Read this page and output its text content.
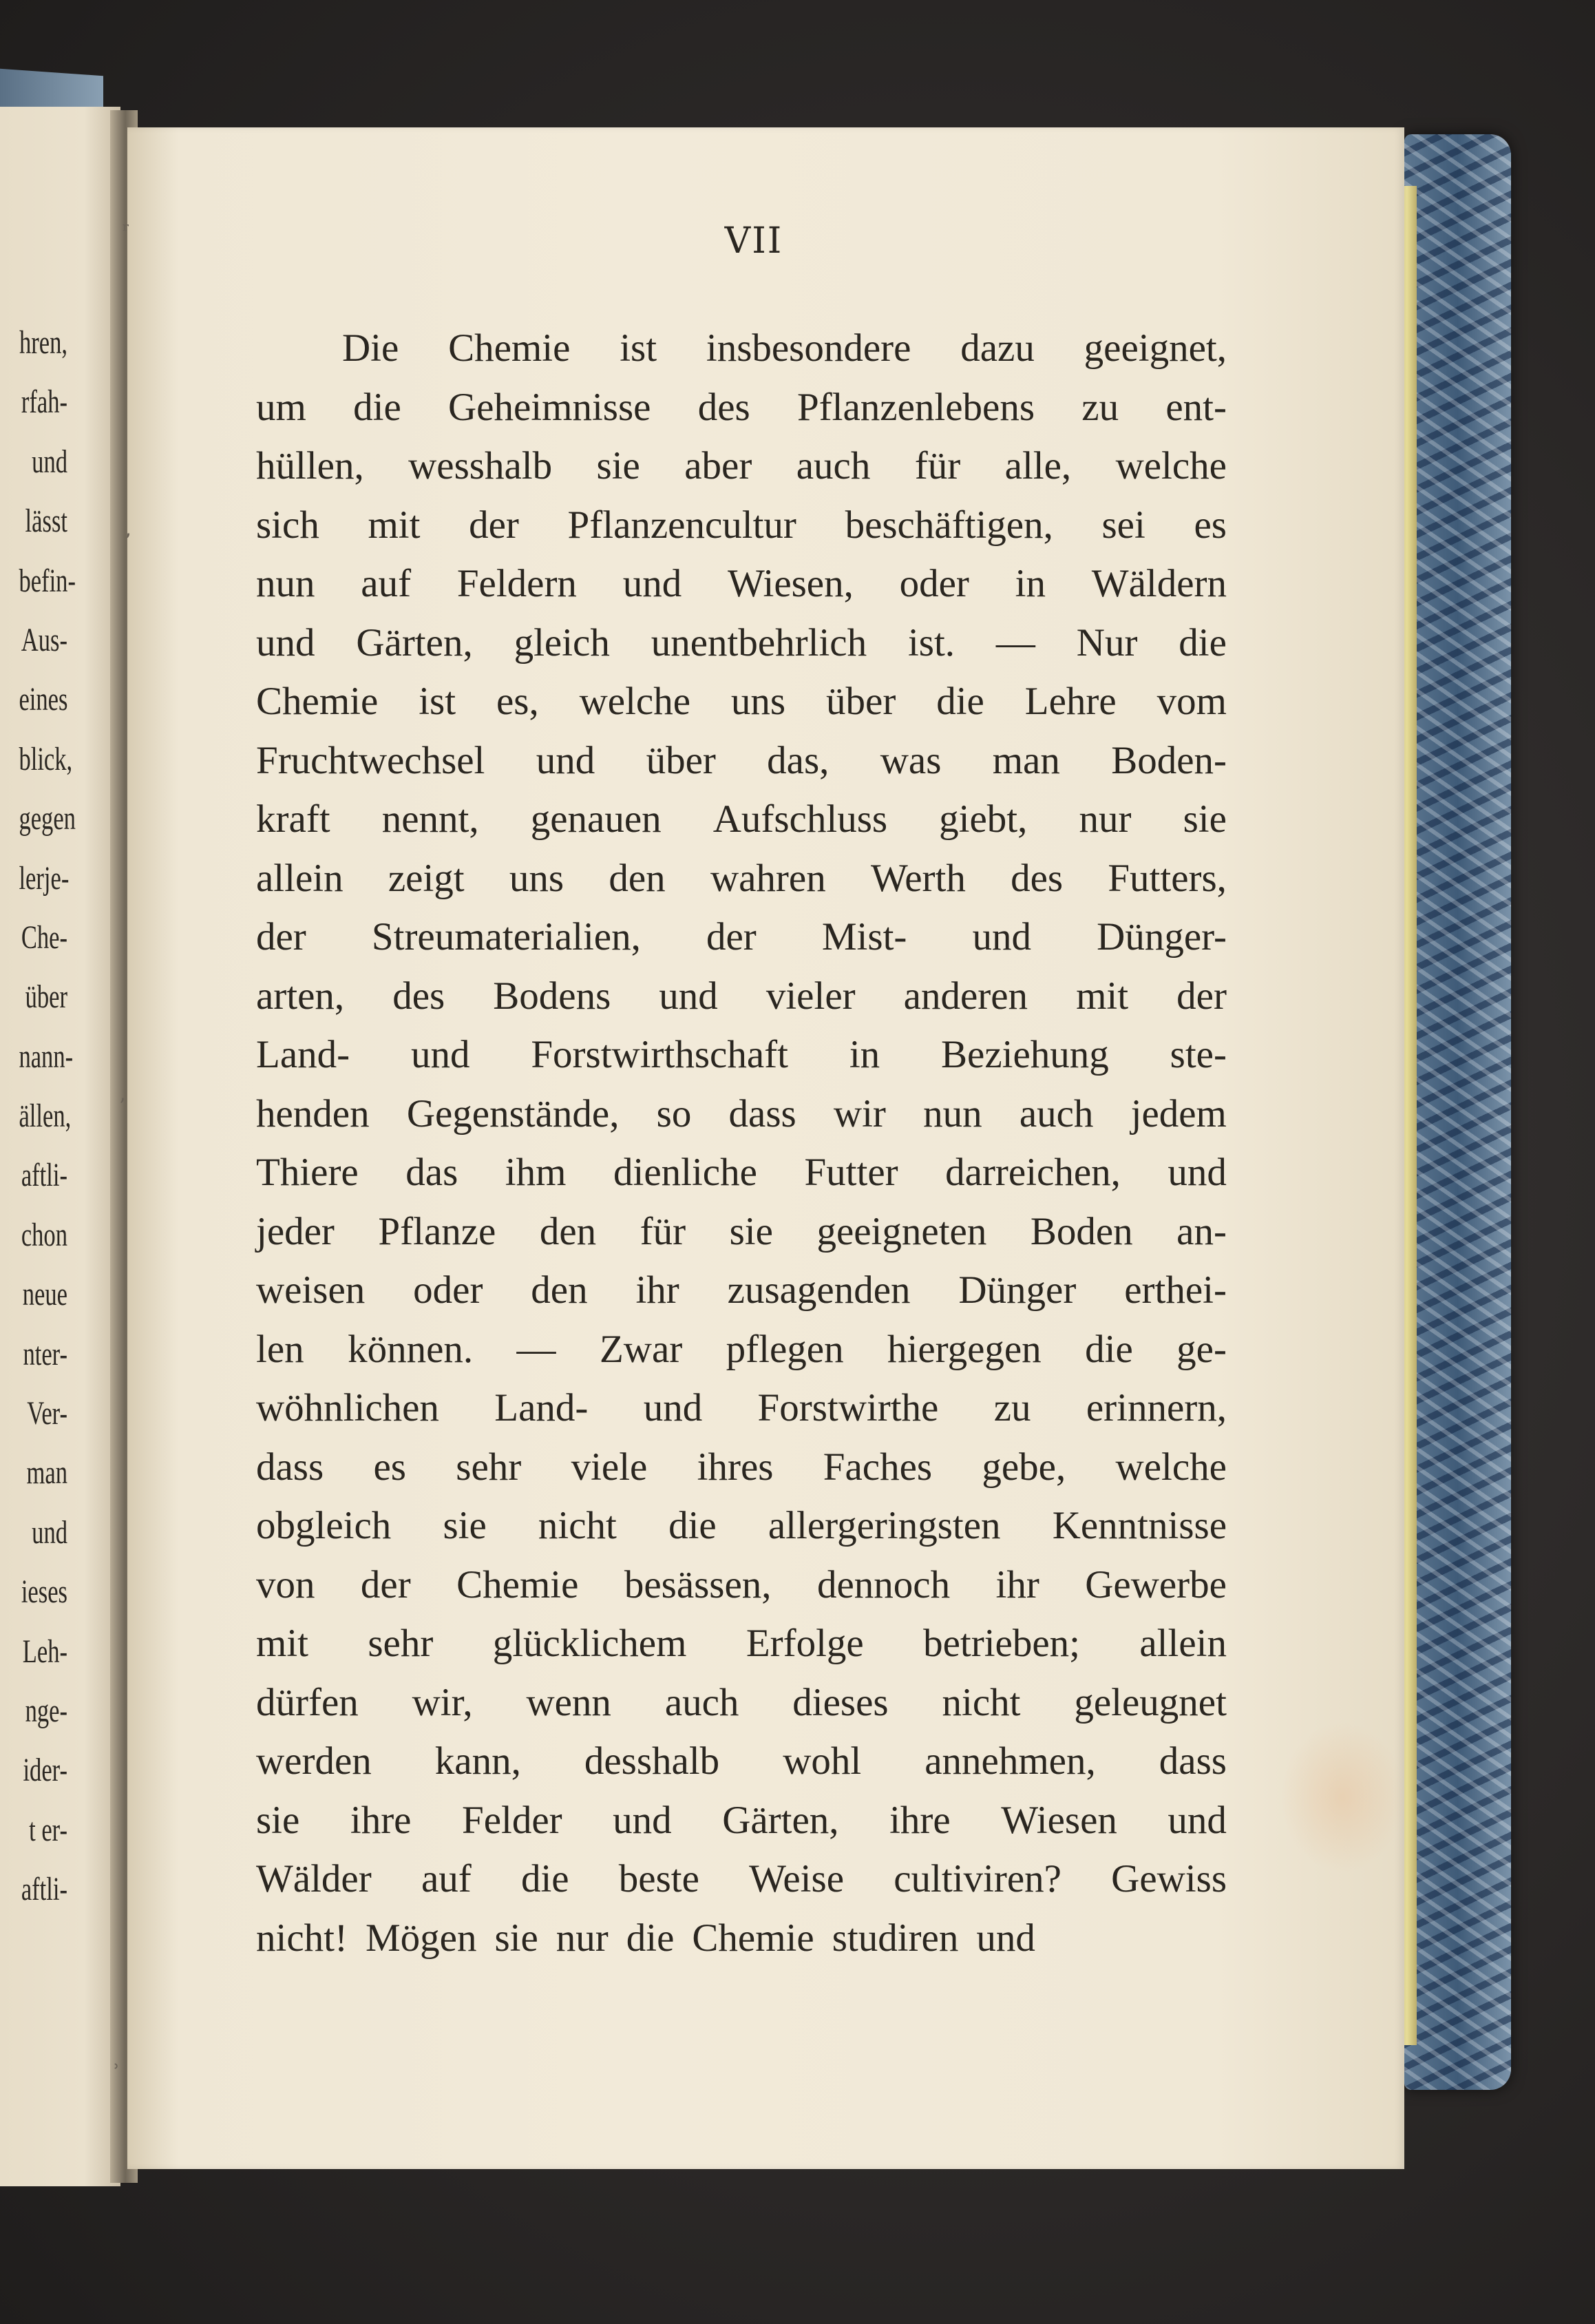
hren,
rfah-
und
lässt
befin-
Aus-
eines
blick,
gegen
lerje-
Che-
über
nann-
ällen,
aftli-
chon
neue
nter-
Ver-
man
und
ieses
Leh-
nge-
ider-
t er-
aftli-
ʳ
ʼ
ʼ
˒
VII
Die Chemie ist insbesondere dazu geeignet,
um die Geheimnisse des Pflanzenlebens zu ent-
hüllen, wesshalb sie aber auch für alle, welche
sich mit der Pflanzencultur beschäftigen, sei es
nun auf Feldern und Wiesen, oder in Wäldern
und Gärten, gleich unentbehrlich ist. — Nur die
Chemie ist es, welche uns über die Lehre vom
Fruchtwechsel und über das, was man Boden-
kraft nennt, genauen Aufschluss giebt, nur sie
allein zeigt uns den wahren Werth des Futters,
der Streumaterialien, der Mist- und Dünger-
arten, des Bodens und vieler anderen mit der
Land- und Forstwirthschaft in Beziehung ste-
henden Gegenstände, so dass wir nun auch jedem
Thiere das ihm dienliche Futter darreichen, und
jeder Pflanze den für sie geeigneten Boden an-
weisen oder den ihr zusagenden Dünger erthei-
len können. — Zwar pflegen hiergegen die ge-
wöhnlichen Land- und Forstwirthe zu erinnern,
dass es sehr viele ihres Faches gebe, welche
obgleich sie nicht die allergeringsten Kenntnisse
von der Chemie besässen, dennoch ihr Gewerbe
mit sehr glücklichem Erfolge betrieben; allein
dürfen wir, wenn auch dieses nicht geleugnet
werden kann, desshalb wohl annehmen, dass
sie ihre Felder und Gärten, ihre Wiesen und
Wälder auf die beste Weise cultiviren? Gewiss
nicht! Mögen sie nur die Chemie studiren und
